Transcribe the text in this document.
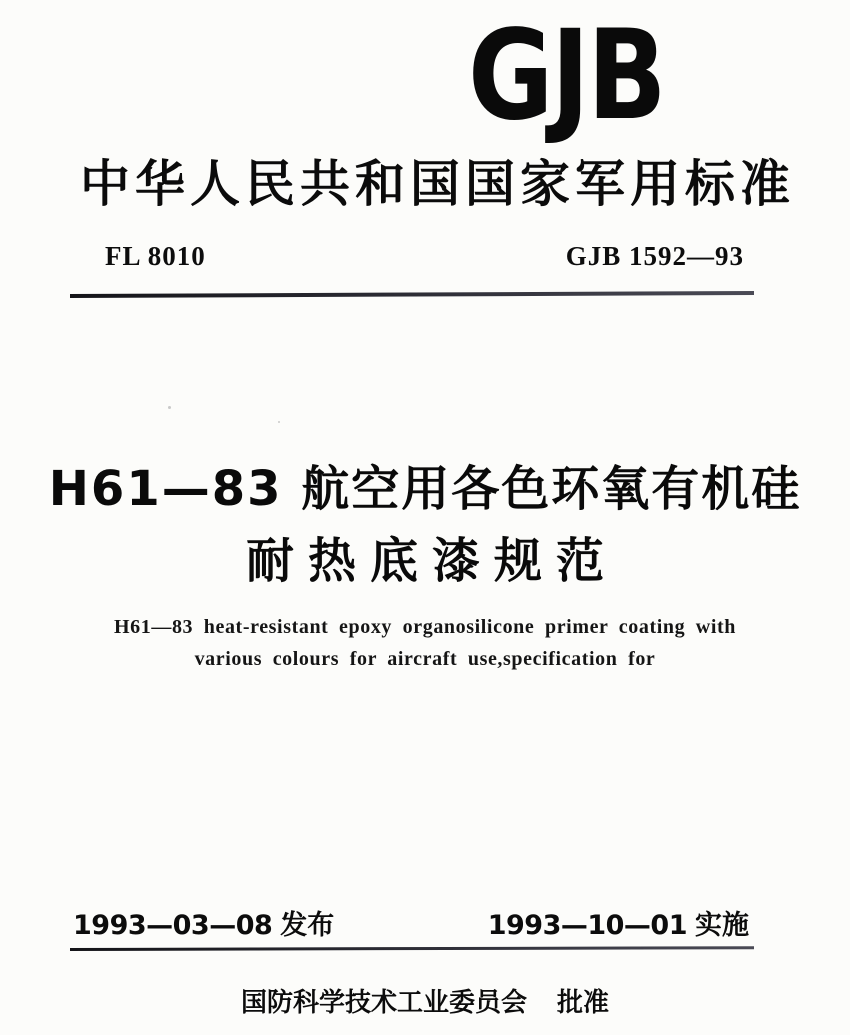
GJB
中华人民共和国国家军用标准
FL 8010	GJB 1592—93
H61—83 航空用各色环氧有机硅
耐热底漆规范
H61—83 heat-resistant epoxy organosilicone primer coating with
various colours for aircraft use,specification for
1993—03—08 发布	1993—10—01 实施
国防科学技术工业委员会 批准
